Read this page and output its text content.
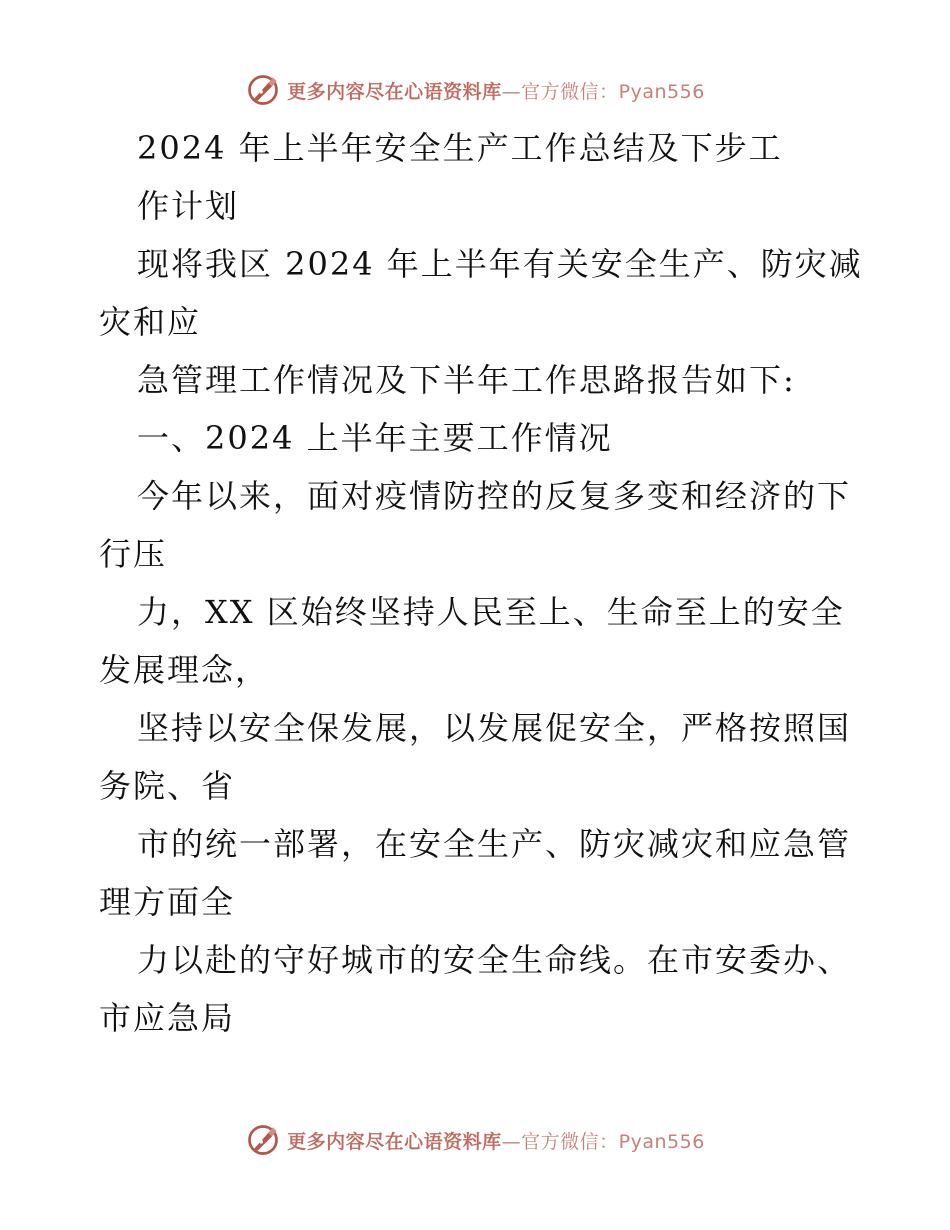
更多内容尽在心语资料库—官方微信：Pyan556
2024 年上半年安全生产工作总结及下步工
作计划
现将我区 2024 年上半年有关安全生产、防灾减
灾和应
急管理工作情况及下半年工作思路报告如下:
一、2024 上半年主要工作情况
今年以来，面对疫情防控的反复多变和经济的下
行压
力，XX 区始终坚持人民至上、生命至上的安全
发展理念，
坚持以安全保发展，以发展促安全，严格按照国
务院、省
市的统一部署，在安全生产、防灾减灾和应急管
理方面全
力以赴的守好城市的安全生命线。在市安委办、
市应急局
更多内容尽在心语资料库—官方微信：Pyan556
